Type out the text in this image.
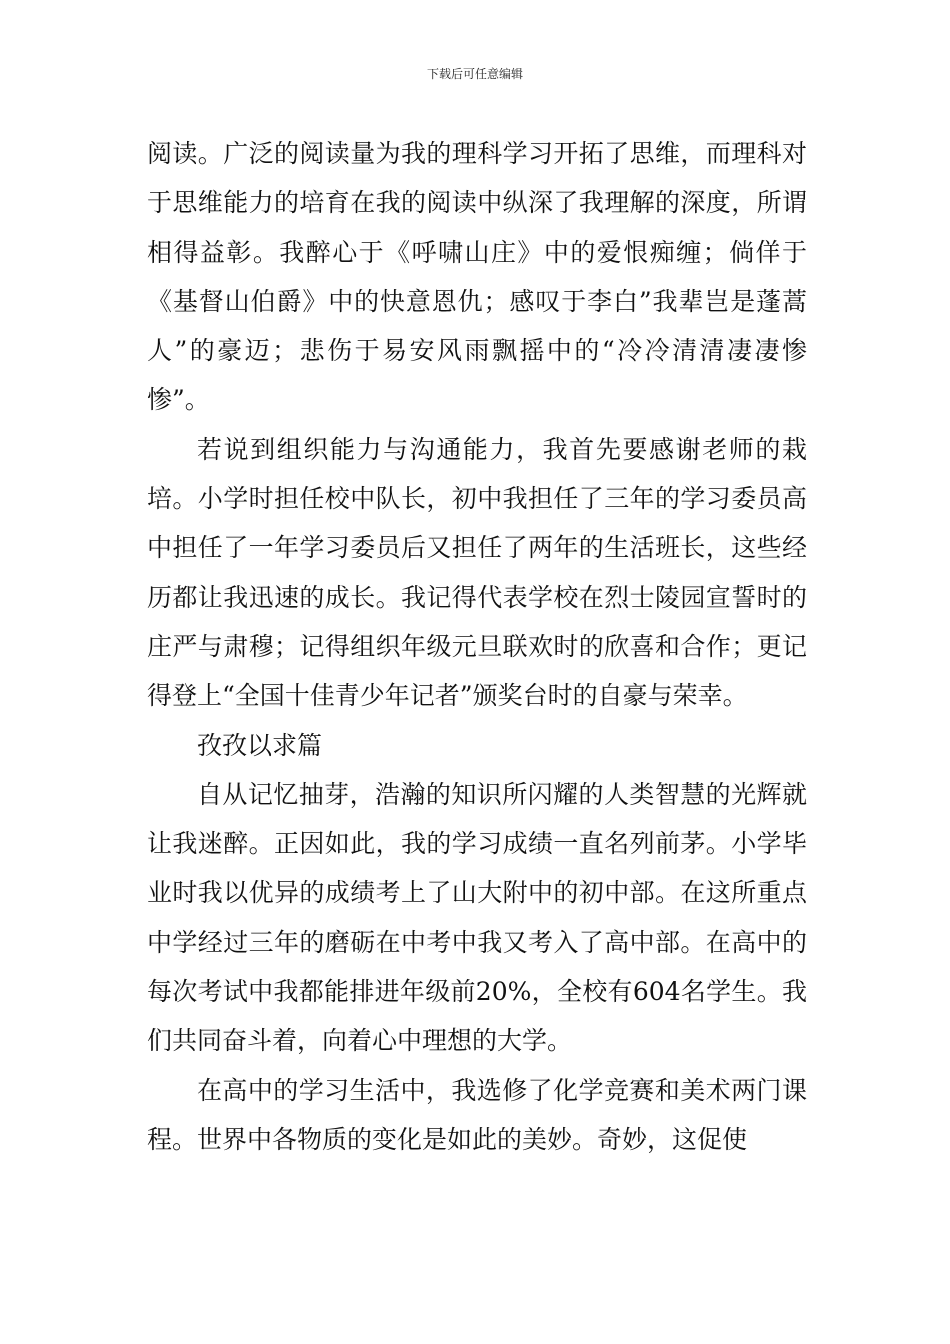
下载后可任意编辑

阅读。广泛的阅读量为我的理科学习开拓了思维，而理科对于思维能力的培育在我的阅读中纵深了我理解的深度，所谓相得益彰。我醉心于《呼啸山庄》中的爱恨痴缠；倘佯于《基督山伯爵》中的快意恩仇；感叹于李白”我辈岂是蓬蒿人”的豪迈；悲伤于易安风雨飘摇中的“冷冷清清凄凄惨惨”。

若说到组织能力与沟通能力，我首先要感谢老师的栽培。小学时担任校中队长，初中我担任了三年的学习委员高中担任了一年学习委员后又担任了两年的生活班长，这些经历都让我迅速的成长。我记得代表学校在烈士陵园宣誓时的庄严与肃穆；记得组织年级元旦联欢时的欣喜和合作；更记得登上“全国十佳青少年记者”颁奖台时的自豪与荣幸。

孜孜以求篇

自从记忆抽芽，浩瀚的知识所闪耀的人类智慧的光辉就让我迷醉。正因如此，我的学习成绩一直名列前茅。小学毕业时我以优异的成绩考上了山大附中的初中部。在这所重点中学经过三年的磨砺在中考中我又考入了高中部。在高中的每次考试中我都能排进年级前20%，全校有604名学生。我们共同奋斗着，向着心中理想的大学。

在高中的学习生活中，我选修了化学竞赛和美术两门课程。世界中各物质的变化是如此的美妙。奇妙，这促使
